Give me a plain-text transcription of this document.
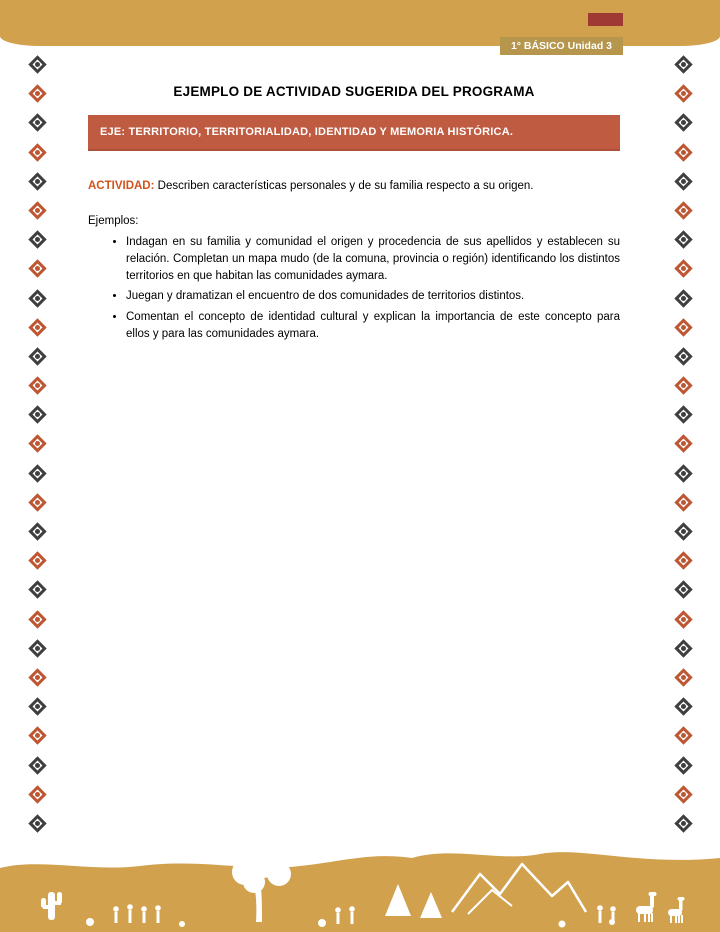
1° BÁSICO Unidad 3
EJEMPLO DE ACTIVIDAD SUGERIDA DEL PROGRAMA
EJE: TERRITORIO, TERRITORIALIDAD, IDENTIDAD Y MEMORIA HISTÓRICA.

ACTIVIDAD: Describen características personales y de su familia respecto a su origen.

Ejemplos:

• Indagan en su familia y comunidad el origen y procedencia de sus apellidos y establecen su relación. Completan un mapa mudo (de la comuna, provincia o región) identificando los distintos territorios en que habitan las comunidades aymara.
• Juegan y dramatizan el encuentro de dos comunidades de territorios distintos.
• Comentan el concepto de identidad cultural y explican la importancia de este concepto para ellos y para las comunidades aymara.
